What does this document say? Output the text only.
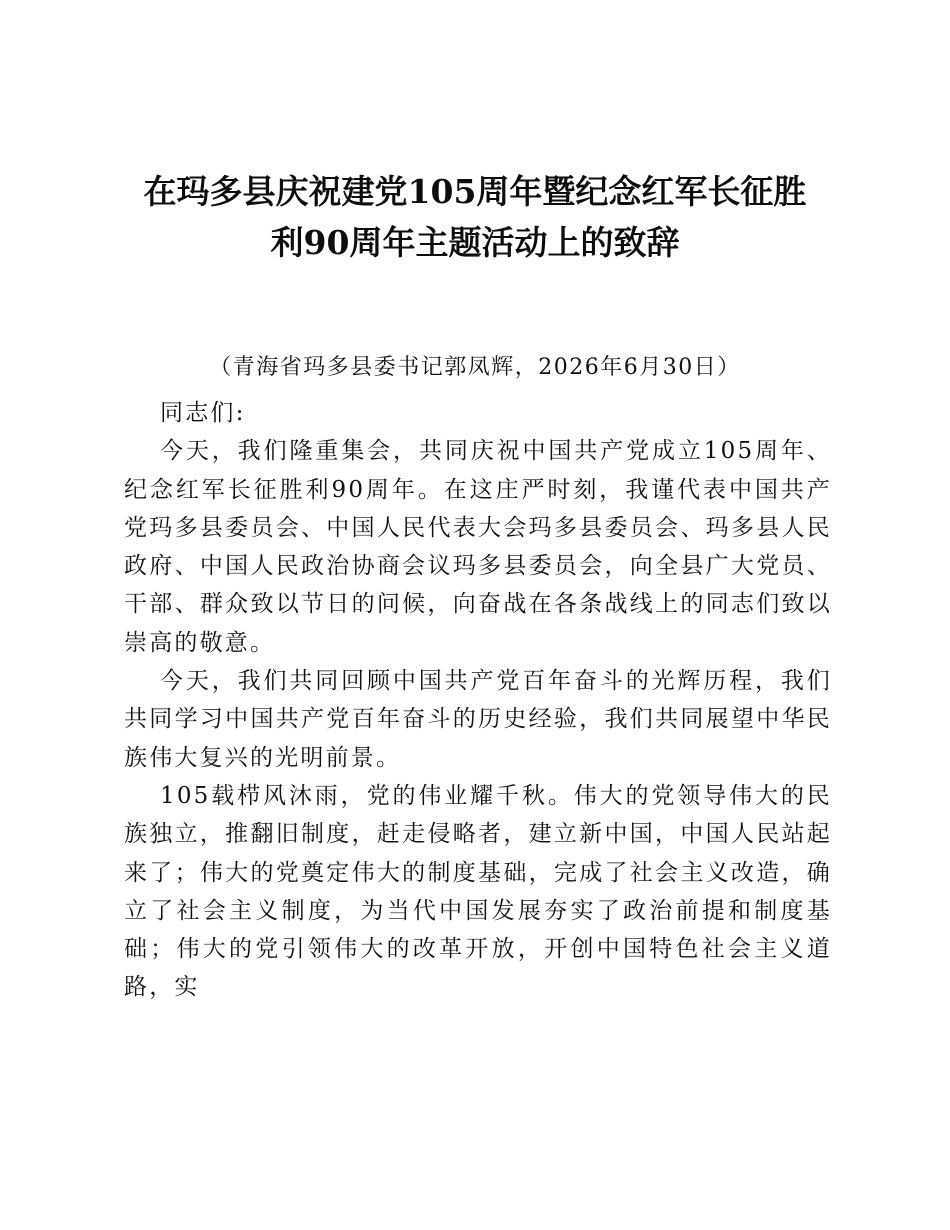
在玛多县庆祝建党105周年暨纪念红军长征胜
利90周年主题活动上的致辞
（青海省玛多县委书记郭凤辉，2026年6月30日）

同志们:

今天，我们隆重集会，共同庆祝中国共产党成立105周年、纪念红军长征胜利90周年。在这庄严时刻，我谨代表中国共产党玛多县委员会、中国人民代表大会玛多县委员会、玛多县人民政府、中国人民政治协商会议玛多县委员会，向全县广大党员、干部、群众致以节日的问候，向奋战在各条战线上的同志们致以崇高的敬意。

今天，我们共同回顾中国共产党百年奋斗的光辉历程，我们共同学习中国共产党百年奋斗的历史经验，我们共同展望中华民族伟大复兴的光明前景。

105载栉风沐雨，党的伟业耀千秋。伟大的党领导伟大的民族独立，推翻旧制度，赶走侵略者，建立新中国，中国人民站起来了；伟大的党奠定伟大的制度基础，完成了社会主义改造，确立了社会主义制度，为当代中国发展夯实了政治前提和制度基础；伟大的党引领伟大的改革开放，开创中国特色社会主义道路，实
